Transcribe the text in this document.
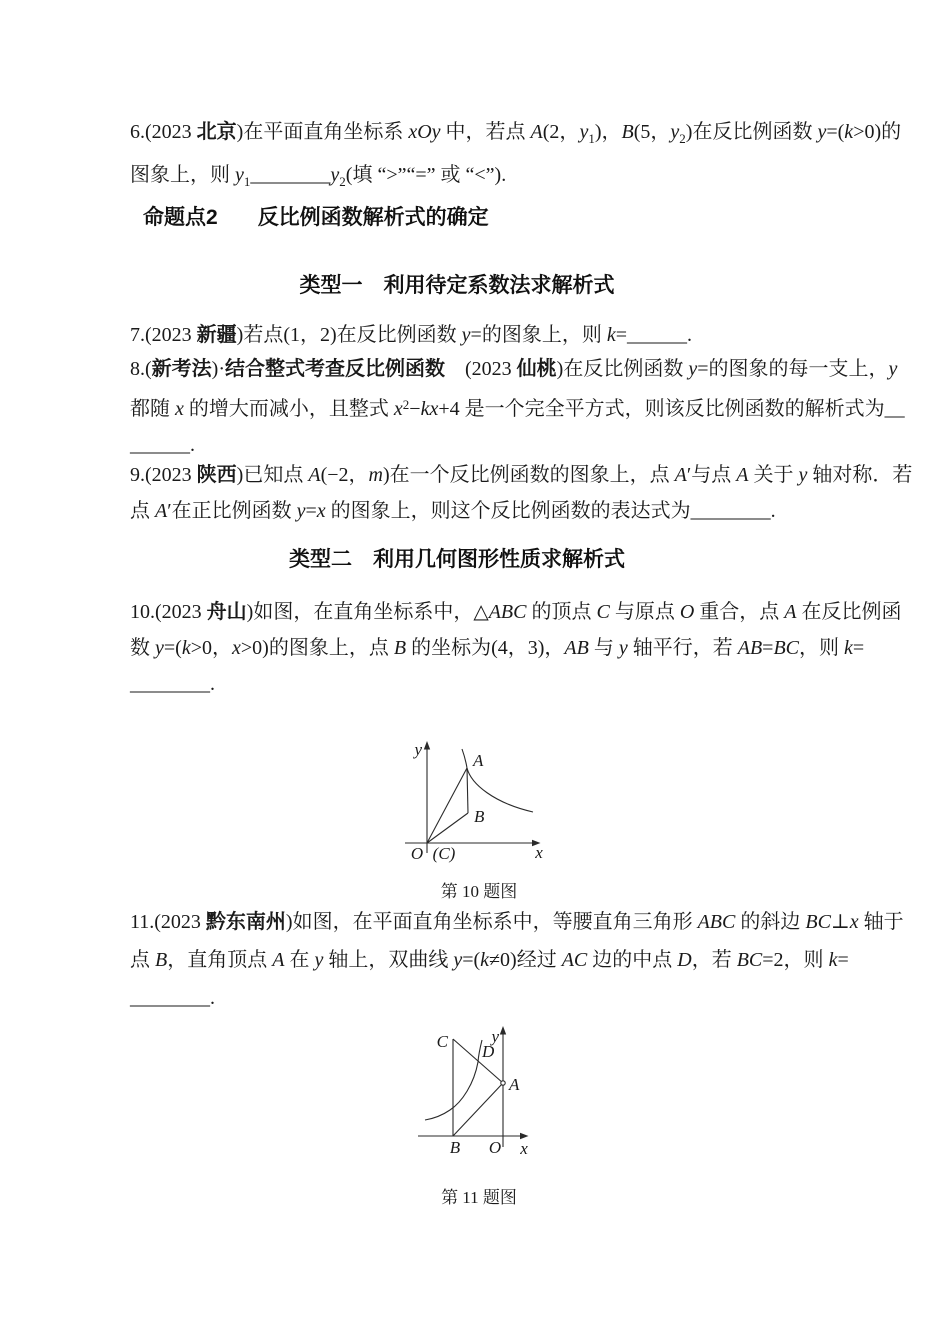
6.(2023 北京)在平面直角坐标系 xOy 中，若点 A(2，$y_1$)，B(5，$y_2$)在反比例函数 y=(k>0)的
图象上，则 $y_1\_\_\_\_\_\_\_\_y_2$(填 “>”“=” 或 “<”).
命题点2 反比例函数解析式的确定
类型一 利用待定系数法求解析式
7.(2023 新疆)若点(1，2)在反比例函数 y=的图象上，则 k=______.
8.(新考法)·结合整式考查反比例函数　(2023 仙桃)在反比例函数 y=的图象的每一支上，y
都随 x 的增大而减小，且整式 $x^2-kx+4$ 是一个完全平方式，则该反比例函数的解析式为__
______.
9.(2023 陕西)已知点 A(−2，m)在一个反比例函数的图象上，点 A′与点 A 关于 y 轴对称．若
点 A′在正比例函数 y=x 的图象上，则这个反比例函数的表达式为________.
类型二 利用几何图形性质求解析式
10.(2023 舟山)如图，在直角坐标系中，△ABC 的顶点 C 与原点 O 重合，点 A 在反比例函
数 y=(k>0，x>0)的图象上，点 B 的坐标为(4，3)，AB 与 y 轴平行，若 AB=BC，则 k=
________.
y
x
O (C)
A
B
第 10 题图
11.(2023 黔东南州)如图，在平面直角坐标系中，等腰直角三角形 ABC 的斜边 BC⊥x 轴于
点 B，直角顶点 A 在 y 轴上，双曲线 y=(k≠0)经过 AC 边的中点 D，若 BC=2，则 k=
________.
y
x
O
C
D
A
B
第 11 题图
